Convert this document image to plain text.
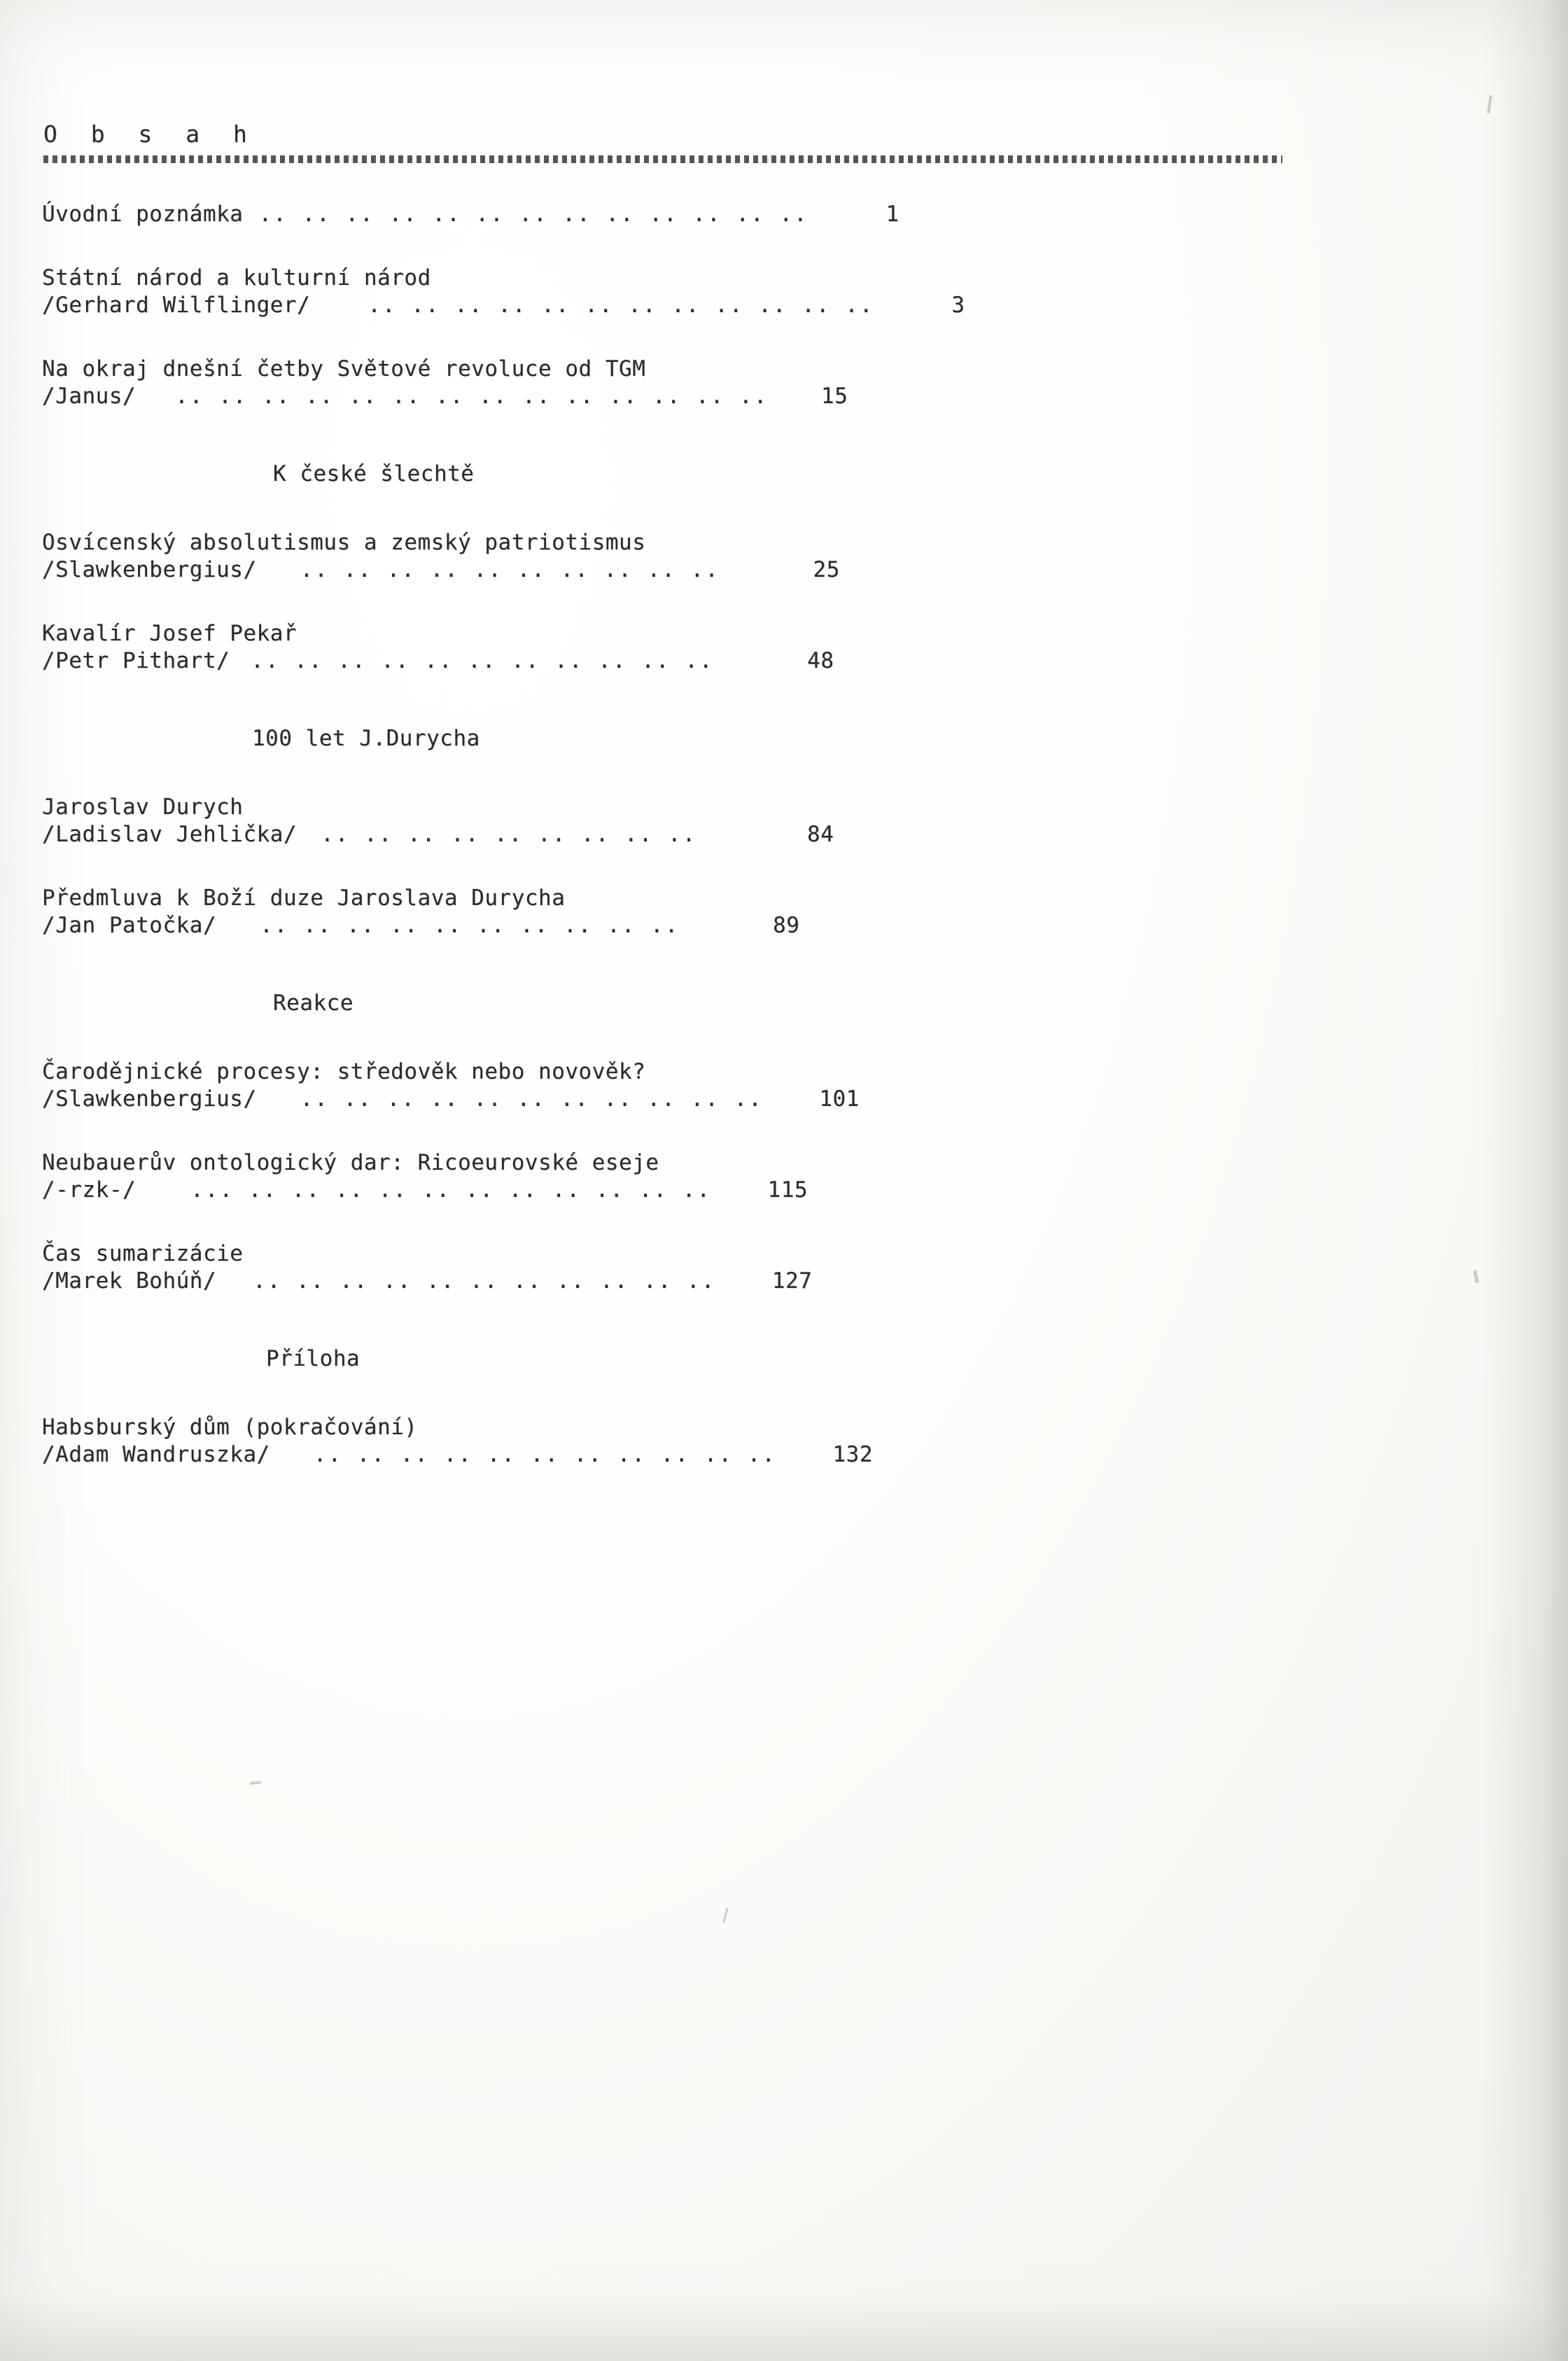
O b s a h
Úvodní poznámka .. .. .. .. .. .. .. .. .. .. .. .. ..	1
Státní národ a kulturní národ
/Gerhard Wilflinger/	.. .. .. .. .. .. .. .. .. .. .. ..	3
Na okraj dnešní četby Světové revoluce od TGM
/Janus/	.. .. .. .. .. .. .. .. .. .. .. .. .. ..	15
K české šlechtě
Osvícenský absolutismus a zemský patriotismus
/Slawkenbergius/	.. .. .. .. .. .. .. .. .. ..	25
Kavalír Josef Pekař
/Petr Pithart/ .. .. .. .. .. .. .. .. .. .. ..	48
100 let J.Durycha
Jaroslav Durych
/Ladislav Jehlička/	.. .. .. .. .. .. .. .. ..	84
Předmluva k Boží duze Jaroslava Durycha
/Jan Patočka/	.. .. .. .. .. .. .. .. .. ..	89
Reakce
Čarodějnické procesy: středověk nebo novověk?
/Slawkenbergius/	.. .. .. .. .. .. .. .. .. .. ..	101
Neubauerův ontologický dar: Ricoeurovské eseje
/-rzk-/	... .. .. .. .. .. .. .. .. .. .. ..	115
Čas sumarizácie
/Marek Bohúň/	.. .. .. .. .. .. .. .. .. .. ..	127
Příloha
Habsburský dům (pokračování)
/Adam Wandruszka/	.. .. .. .. .. .. .. .. .. .. ..	132
